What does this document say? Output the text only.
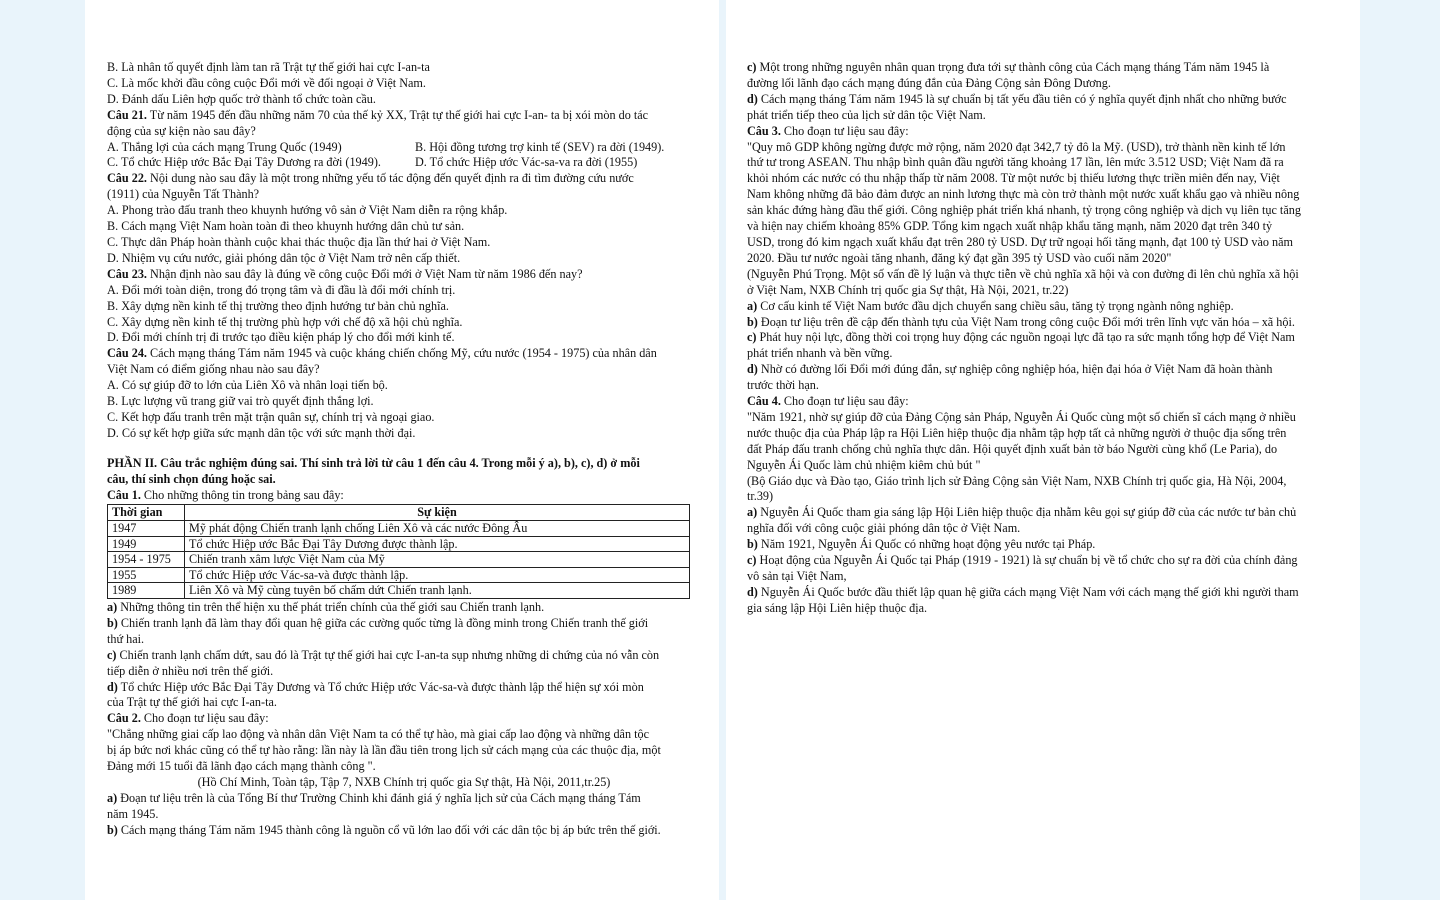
B. Là nhân tố quyết định làm tan rã Trật tự thế giới hai cực I-an-ta
C. Là mốc khởi đầu công cuộc Đổi mới về đối ngoại ở Việt Nam.
D. Đánh dấu Liên hợp quốc trở thành tổ chức toàn cầu.
Câu 21. Từ năm 1945 đến đầu những năm 70 của thế kỷ XX, Trật tự thế giới hai cực I-an- ta bị xói mòn do tác
động của sự kiện nào sau đây?
A. Thắng lợi của cách mạng Trung Quốc (1949)	B. Hội đồng tương trợ kinh tế (SEV) ra đời (1949).
C. Tổ chức Hiệp ước Bắc Đại Tây Dương ra đời (1949).	D. Tổ chức Hiệp ước Vác-sa-va ra đời (1955)
Câu 22. Nội dung nào sau đây là một trong những yếu tố tác động đến quyết định ra đi tìm đường cứu nước
(1911) của Nguyễn Tất Thành?
A. Phong trào đấu tranh theo khuynh hướng vô sản ở Việt Nam diễn ra rộng khắp.
B. Cách mạng Việt Nam hoàn toàn đi theo khuynh hướng dân chủ tư sản.
C. Thực dân Pháp hoàn thành cuộc khai thác thuộc địa lần thứ hai ở Việt Nam.
D. Nhiệm vụ cứu nước, giải phóng dân tộc ở Việt Nam trở nên cấp thiết.
Câu 23. Nhận định nào sau đây là đúng về công cuộc Đổi mới ở Việt Nam từ năm 1986 đến nay?
A. Đổi mới toàn diện, trong đó trọng tâm và đi đầu là đổi mới chính trị.
B. Xây dựng nền kinh tế thị trường theo định hướng tư bản chủ nghĩa.
C. Xây dựng nền kinh tế thị trường phù hợp với chế độ xã hội chủ nghĩa.
D. Đổi mới chính trị đi trước tạo điều kiện pháp lý cho đổi mới kinh tế.
Câu 24. Cách mạng tháng Tám năm 1945 và cuộc kháng chiến chống Mỹ, cứu nước (1954 - 1975) của nhân dân
Việt Nam có điểm giống nhau nào sau đây?
A. Có sự giúp đỡ to lớn của Liên Xô và nhân loại tiến bộ.
B. Lực lượng vũ trang giữ vai trò quyết định thắng lợi.
C. Kết hợp đấu tranh trên mặt trận quân sự, chính trị và ngoại giao.
D. Có sự kết hợp giữa sức mạnh dân tộc với sức mạnh thời đại.
PHẦN II. Câu trắc nghiệm đúng sai. Thí sinh trả lời từ câu 1 đến câu 4. Trong mỗi ý a), b), c), d) ở mỗi
câu, thí sinh chọn đúng hoặc sai.
Câu 1. Cho những thông tin trong bảng sau đây:
Thời gian	Sự kiện
1947	Mỹ phát động Chiến tranh lạnh chống Liên Xô và các nước Đông Âu
1949	Tổ chức Hiệp ước Bắc Đại Tây Dương được thành lập.
1954 - 1975	Chiến tranh xâm lược Việt Nam của Mỹ
1955	Tổ chức Hiệp ước Vác-sa-và được thành lập.
1989	Liên Xô và Mỹ cùng tuyên bố chấm dứt Chiến tranh lạnh.
a) Những thông tin trên thể hiện xu thế phát triển chính của thế giới sau Chiến tranh lạnh.
b) Chiến tranh lạnh đã làm thay đổi quan hệ giữa các cường quốc từng là đồng minh trong Chiến tranh thế giới
thứ hai.
c) Chiến tranh lạnh chấm dứt, sau đó là Trật tự thế giới hai cực I-an-ta sụp nhưng những di chứng của nó vẫn còn
tiếp diễn ở nhiều nơi trên thế giới.
d) Tổ chức Hiệp ước Bắc Đại Tây Dương và Tổ chức Hiệp ước Vác-sa-và được thành lập thể hiện sự xói mòn
của Trật tự thế giới hai cực I-an-ta.
Câu 2. Cho đoạn tư liệu sau đây:
"Chẳng những giai cấp lao động và nhân dân Việt Nam ta có thể tự hào, mà giai cấp lao động và những dân tộc
bị áp bức nơi khác cũng có thể tự hào rằng: lần này là lần đầu tiên trong lịch sử cách mạng của các thuộc địa, một
Đảng mới 15 tuổi đã lãnh đạo cách mạng thành công ".
(Hồ Chí Minh, Toàn tập, Tập 7, NXB Chính trị quốc gia Sự thật, Hà Nội, 2011,tr.25)
a) Đoạn tư liệu trên là của Tổng Bí thư Trường Chinh khi đánh giá ý nghĩa lịch sử của Cách mạng tháng Tám
năm 1945.
b) Cách mạng tháng Tám năm 1945 thành công là nguồn cổ vũ lớn lao đối với các dân tộc bị áp bức trên thế giới.
c) Một trong những nguyên nhân quan trọng đưa tới sự thành công của Cách mạng tháng Tám năm 1945 là
đường lối lãnh đạo cách mạng đúng đắn của Đảng Cộng sản Đông Dương.
d) Cách mạng tháng Tám năm 1945 là sự chuẩn bị tất yếu đầu tiên có ý nghĩa quyết định nhất cho những bước
phát triển tiếp theo của lịch sử dân tộc Việt Nam.
Câu 3. Cho đoạn tư liệu sau đây:
"Quy mô GDP không ngừng được mở rộng, năm 2020 đạt 342,7 tỷ đô la Mỹ. (USD), trở thành nền kinh tế lớn
thứ tư trong ASEAN. Thu nhập bình quân đầu người tăng khoảng 17 lần, lên mức 3.512 USD; Việt Nam đã ra
khỏi nhóm các nước có thu nhập thấp từ năm 2008. Từ một nước bị thiếu lương thực triền miên đến nay, Việt
Nam không những đã bảo đảm được an ninh lương thực mà còn trở thành một nước xuất khẩu gạo và nhiều nông
sản khác đứng hàng đầu thế giới. Công nghiệp phát triển khá nhanh, tỷ trọng công nghiệp và dịch vụ liên tục tăng
và hiện nay chiếm khoảng 85% GDP. Tổng kim ngạch xuất nhập khẩu tăng mạnh, năm 2020 đạt trên 340 tỷ
USD, trong đó kim ngạch xuất khẩu đạt trên 280 tỷ USD. Dự trữ ngoại hối tăng mạnh, đạt 100 tỷ USD vào năm
2020. Đầu tư nước ngoài tăng nhanh, đăng ký đạt gần 395 tỷ USD vào cuối năm 2020"
(Nguyễn Phú Trọng. Một số vấn đề lý luận và thực tiễn về chủ nghĩa xã hội và con đường đi lên chủ nghĩa xã hội
ở Việt Nam, NXB Chính trị quốc gia Sự thật, Hà Nội, 2021, tr.22)
a) Cơ cấu kinh tế Việt Nam bước đầu dịch chuyển sang chiều sâu, tăng tỷ trọng ngành nông nghiệp.
b) Đoạn tư liệu trên đề cập đến thành tựu của Việt Nam trong công cuộc Đổi mới trên lĩnh vực văn hóa – xã hội.
c) Phát huy nội lực, đồng thời coi trọng huy động các nguồn ngoại lực đã tạo ra sức mạnh tổng hợp để Việt Nam
phát triển nhanh và bền vững.
d) Nhờ có đường lối Đổi mới đúng đắn, sự nghiệp công nghiệp hóa, hiện đại hóa ở Việt Nam đã hoàn thành
trước thời hạn.
Câu 4. Cho đoạn tư liệu sau đây:
"Năm 1921, nhờ sự giúp đỡ của Đảng Cộng sản Pháp, Nguyễn Ái Quốc cùng một số chiến sĩ cách mạng ở nhiều
nước thuộc địa của Pháp lập ra Hội Liên hiệp thuộc địa nhằm tập hợp tất cả những người ở thuộc địa sống trên
đất Pháp đấu tranh chống chủ nghĩa thực dân. Hội quyết định xuất bản tờ báo Người cùng khổ (Le Paria), do
Nguyễn Ái Quốc làm chủ nhiệm kiêm chủ bút "
(Bộ Giáo dục và Đào tạo, Giáo trình lịch sử Đảng Cộng sản Việt Nam, NXB Chính trị quốc gia, Hà Nội, 2004,
tr.39)
a) Nguyễn Ái Quốc tham gia sáng lập Hội Liên hiệp thuộc địa nhằm kêu gọi sự giúp đỡ của các nước tư bản chủ
nghĩa đối với công cuộc giải phóng dân tộc ở Việt Nam.
b) Năm 1921, Nguyễn Ái Quốc có những hoạt động yêu nước tại Pháp.
c) Hoạt động của Nguyễn Ái Quốc tại Pháp (1919 - 1921) là sự chuẩn bị về tổ chức cho sự ra đời của chính đảng
vô sản tại Việt Nam,
d) Nguyễn Ái Quốc bước đầu thiết lập quan hệ giữa cách mạng Việt Nam với cách mạng thế giới khi người tham
gia sáng lập Hội Liên hiệp thuộc địa.
